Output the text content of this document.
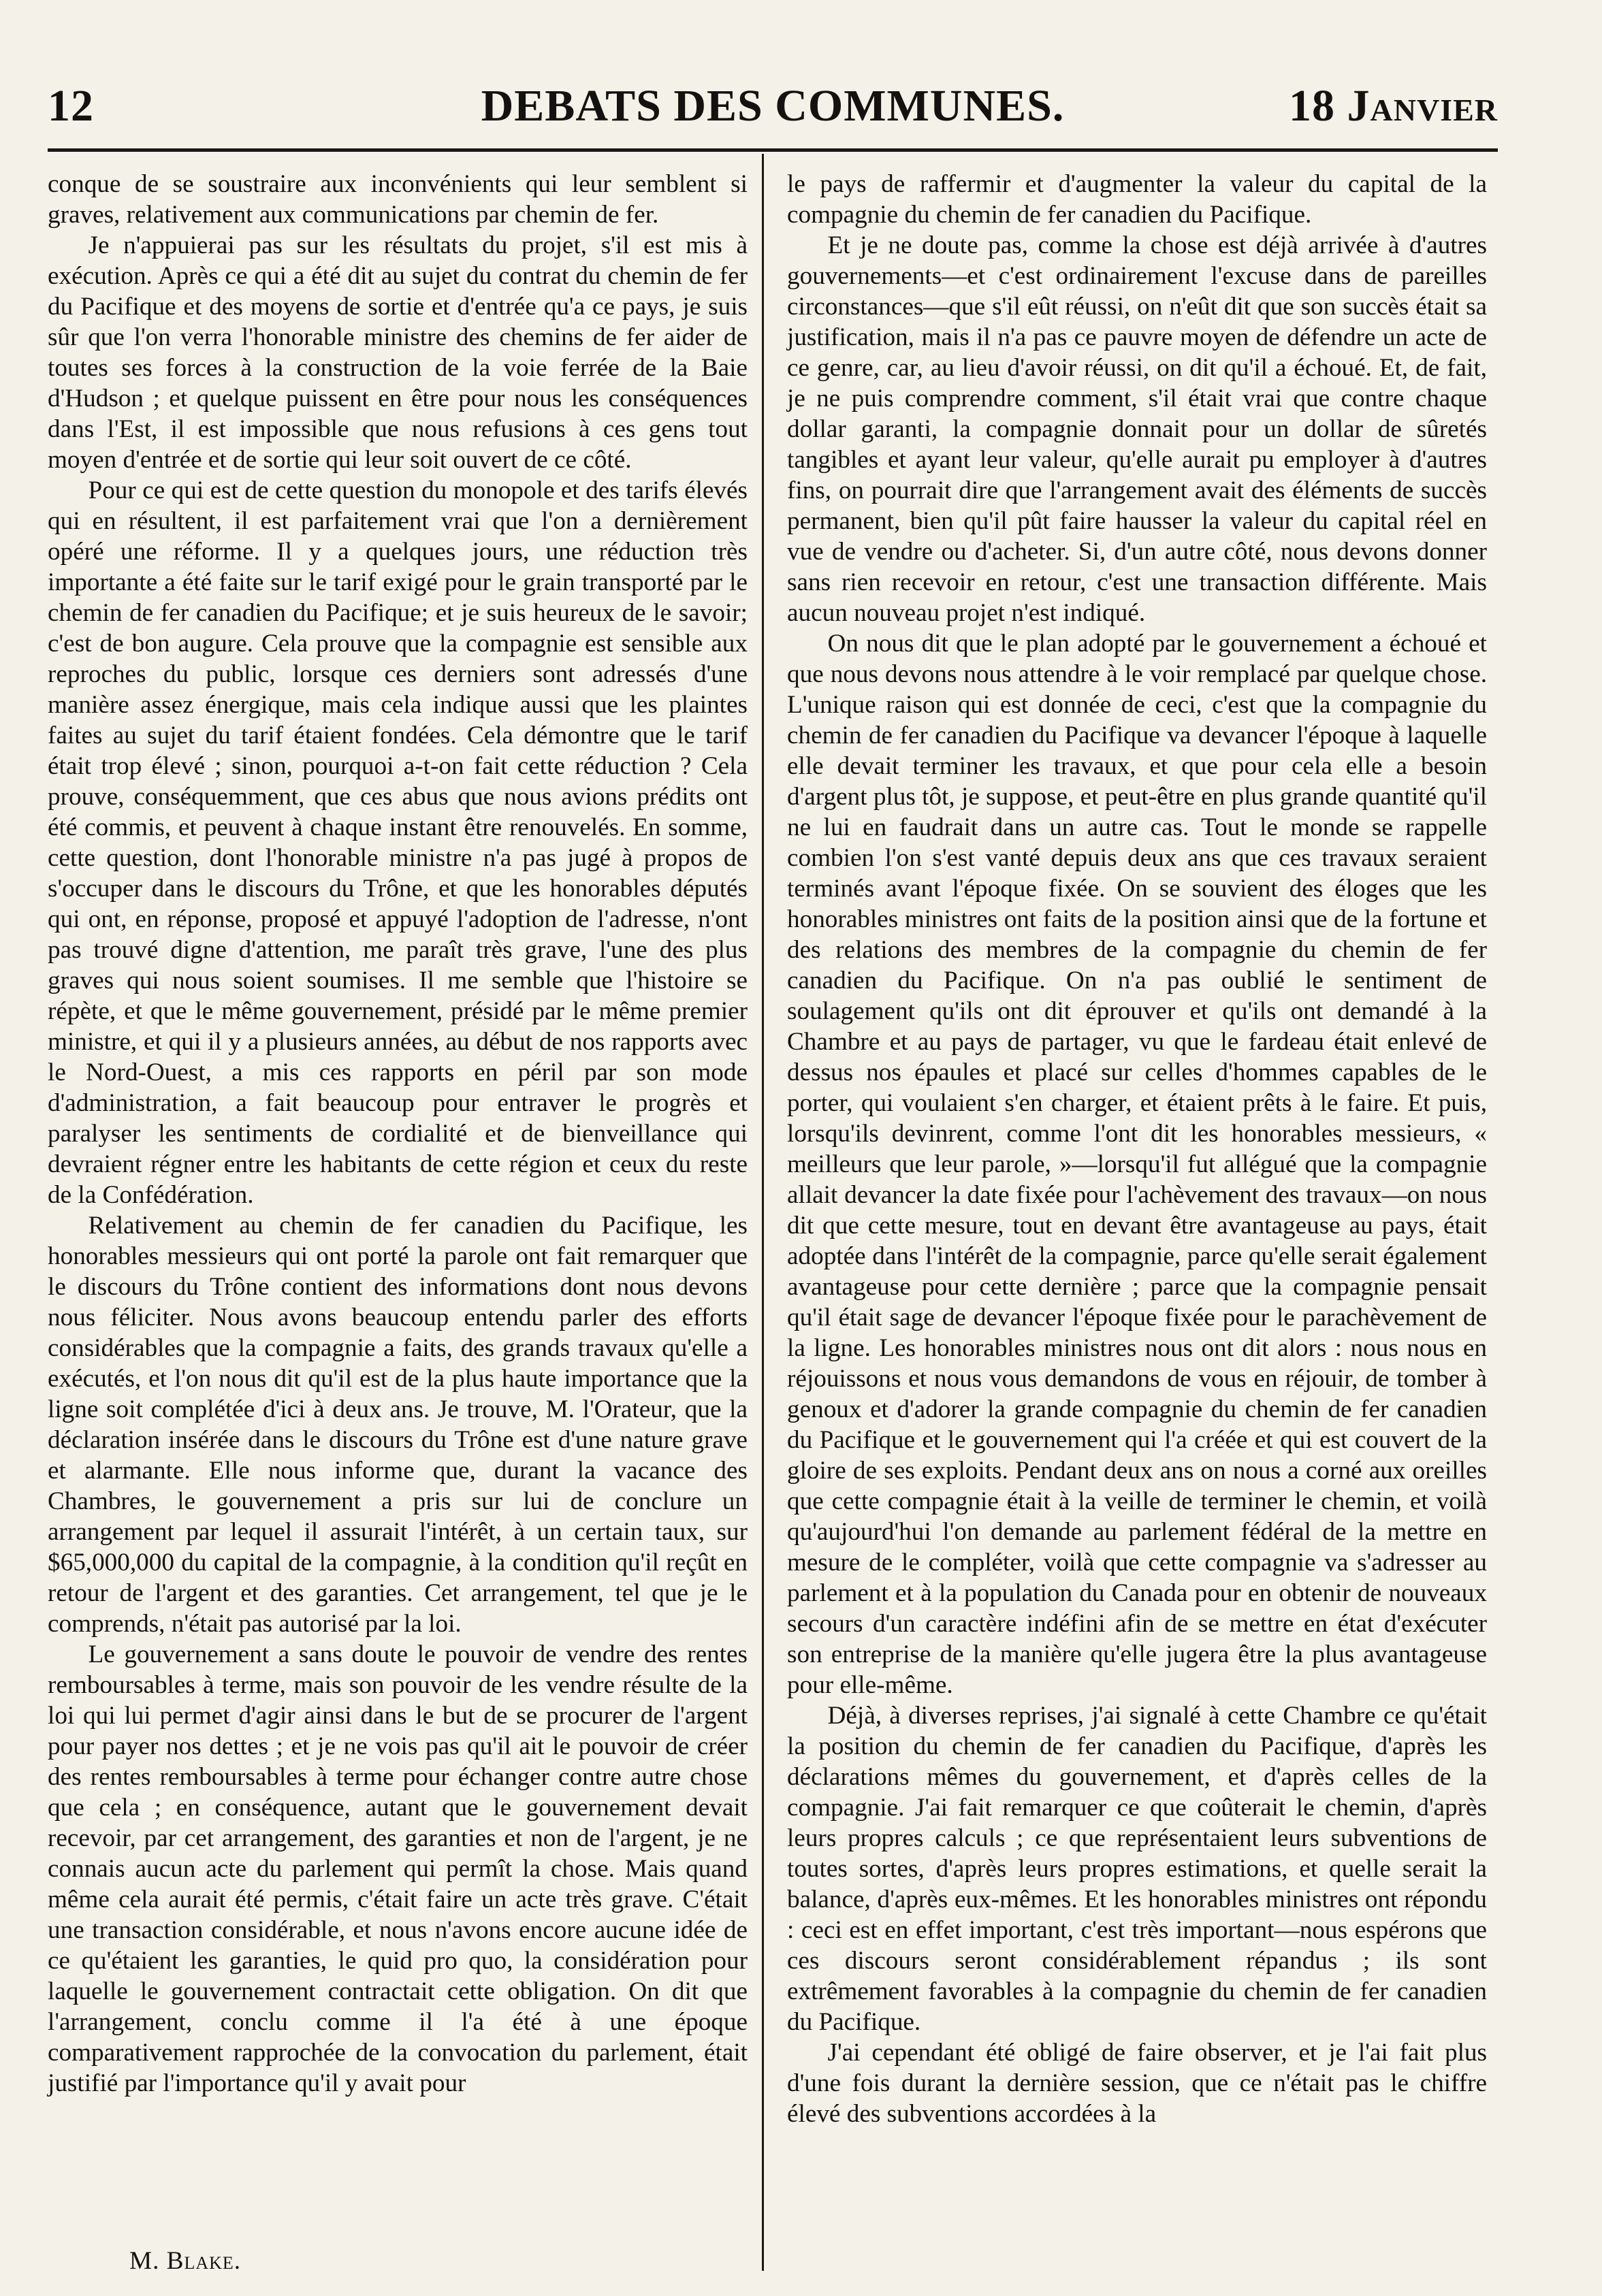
12	DEBATS DES COMMUNES.	18 Janvier

conque de se soustraire aux inconvénients qui leur semblent si graves, relativement aux communications par chemin de fer.

Je n'appuierai pas sur les résultats du projet, s'il est mis à exécution. Après ce qui a été dit au sujet du contrat du chemin de fer du Pacifique et des moyens de sortie et d'entrée qu'a ce pays, je suis sûr que l'on verra l'honorable ministre des chemins de fer aider de toutes ses forces à la construction de la voie ferrée de la Baie d'Hudson ; et quelque puissent en être pour nous les conséquences dans l'Est, il est impossible que nous refusions à ces gens tout moyen d'entrée et de sortie qui leur soit ouvert de ce côté.

Pour ce qui est de cette question du monopole et des tarifs élevés qui en résultent, il est parfaitement vrai que l'on a dernièrement opéré une réforme. Il y a quelques jours, une réduction très importante a été faite sur le tarif exigé pour le grain transporté par le chemin de fer canadien du Pacifique; et je suis heureux de le savoir; c'est de bon augure. Cela prouve que la compagnie est sensible aux reproches du public, lorsque ces derniers sont adressés d'une manière assez énergique, mais cela indique aussi que les plaintes faites au sujet du tarif étaient fondées. Cela démontre que le tarif était trop élevé ; sinon, pourquoi a-t-on fait cette réduction ? Cela prouve, conséquemment, que ces abus que nous avions prédits ont été commis, et peuvent à chaque instant être renouvelés. En somme, cette question, dont l'honorable ministre n'a pas jugé à propos de s'occuper dans le discours du Trône, et que les honorables députés qui ont, en réponse, proposé et appuyé l'adoption de l'adresse, n'ont pas trouvé digne d'attention, me paraît très grave, l'une des plus graves qui nous soient soumises. Il me semble que l'histoire se répète, et que le même gouvernement, présidé par le même premier ministre, et qui il y a plusieurs années, au début de nos rapports avec le Nord-Ouest, a mis ces rapports en péril par son mode d'administration, a fait beaucoup pour entraver le progrès et paralyser les sentiments de cordialité et de bienveillance qui devraient régner entre les habitants de cette région et ceux du reste de la Confédération.

Relativement au chemin de fer canadien du Pacifique, les honorables messieurs qui ont porté la parole ont fait remarquer que le discours du Trône contient des informations dont nous devons nous féliciter. Nous avons beaucoup entendu parler des efforts considérables que la compagnie a faits, des grands travaux qu'elle a exécutés, et l'on nous dit qu'il est de la plus haute importance que la ligne soit complétée d'ici à deux ans. Je trouve, M. l'Orateur, que la déclaration insérée dans le discours du Trône est d'une nature grave et alarmante. Elle nous informe que, durant la vacance des Chambres, le gouvernement a pris sur lui de conclure un arrangement par lequel il assurait l'intérêt, à un certain taux, sur $65,000,000 du capital de la compagnie, à la condition qu'il reçût en retour de l'argent et des garanties. Cet arrangement, tel que je le comprends, n'était pas autorisé par la loi.

Le gouvernement a sans doute le pouvoir de vendre des rentes remboursables à terme, mais son pouvoir de les vendre résulte de la loi qui lui permet d'agir ainsi dans le but de se procurer de l'argent pour payer nos dettes ; et je ne vois pas qu'il ait le pouvoir de créer des rentes remboursables à terme pour échanger contre autre chose que cela ; en conséquence, autant que le gouvernement devait recevoir, par cet arrangement, des garanties et non de l'argent, je ne connais aucun acte du parlement qui permît la chose. Mais quand même cela aurait été permis, c'était faire un acte très grave. C'était une transaction considérable, et nous n'avons encore aucune idée de ce qu'étaient les garanties, le quid pro quo, la considération pour laquelle le gouvernement contractait cette obligation. On dit que l'arrangement, conclu comme il l'a été à une époque comparativement rapprochée de la convocation du parlement, était justifié par l'importance qu'il y avait pour

le pays de raffermir et d'augmenter la valeur du capital de la compagnie du chemin de fer canadien du Pacifique.

Et je ne doute pas, comme la chose est déjà arrivée à d'autres gouvernements—et c'est ordinairement l'excuse dans de pareilles circonstances—que s'il eût réussi, on n'eût dit que son succès était sa justification, mais il n'a pas ce pauvre moyen de défendre un acte de ce genre, car, au lieu d'avoir réussi, on dit qu'il a échoué. Et, de fait, je ne puis comprendre comment, s'il était vrai que contre chaque dollar garanti, la compagnie donnait pour un dollar de sûretés tangibles et ayant leur valeur, qu'elle aurait pu employer à d'autres fins, on pourrait dire que l'arrangement avait des éléments de succès permanent, bien qu'il pût faire hausser la valeur du capital réel en vue de vendre ou d'acheter. Si, d'un autre côté, nous devons donner sans rien recevoir en retour, c'est une transaction différente. Mais aucun nouveau projet n'est indiqué.

On nous dit que le plan adopté par le gouvernement a échoué et que nous devons nous attendre à le voir remplacé par quelque chose. L'unique raison qui est donnée de ceci, c'est que la compagnie du chemin de fer canadien du Pacifique va devancer l'époque à laquelle elle devait terminer les travaux, et que pour cela elle a besoin d'argent plus tôt, je suppose, et peut-être en plus grande quantité qu'il ne lui en faudrait dans un autre cas. Tout le monde se rappelle combien l'on s'est vanté depuis deux ans que ces travaux seraient terminés avant l'époque fixée. On se souvient des éloges que les honorables ministres ont faits de la position ainsi que de la fortune et des relations des membres de la compagnie du chemin de fer canadien du Pacifique. On n'a pas oublié le sentiment de soulagement qu'ils ont dit éprouver et qu'ils ont demandé à la Chambre et au pays de partager, vu que le fardeau était enlevé de dessus nos épaules et placé sur celles d'hommes capables de le porter, qui voulaient s'en charger, et étaient prêts à le faire. Et puis, lorsqu'ils devinrent, comme l'ont dit les honorables messieurs, « meilleurs que leur parole, »—lorsqu'il fut allégué que la compagnie allait devancer la date fixée pour l'achèvement des travaux—on nous dit que cette mesure, tout en devant être avantageuse au pays, était adoptée dans l'intérêt de la compagnie, parce qu'elle serait également avantageuse pour cette dernière ; parce que la compagnie pensait qu'il était sage de devancer l'époque fixée pour le parachèvement de la ligne. Les honorables ministres nous ont dit alors : nous nous en réjouissons et nous vous demandons de vous en réjouir, de tomber à genoux et d'adorer la grande compagnie du chemin de fer canadien du Pacifique et le gouvernement qui l'a créée et qui est couvert de la gloire de ses exploits. Pendant deux ans on nous a corné aux oreilles que cette compagnie était à la veille de terminer le chemin, et voilà qu'aujourd'hui l'on demande au parlement fédéral de la mettre en mesure de le compléter, voilà que cette compagnie va s'adresser au parlement et à la population du Canada pour en obtenir de nouveaux secours d'un caractère indéfini afin de se mettre en état d'exécuter son entreprise de la manière qu'elle jugera être la plus avantageuse pour elle-même.

Déjà, à diverses reprises, j'ai signalé à cette Chambre ce qu'était la position du chemin de fer canadien du Pacifique, d'après les déclarations mêmes du gouvernement, et d'après celles de la compagnie. J'ai fait remarquer ce que coûterait le chemin, d'après leurs propres calculs ; ce que représentaient leurs subventions de toutes sortes, d'après leurs propres estimations, et quelle serait la balance, d'après eux-mêmes. Et les honorables ministres ont répondu : ceci est en effet important, c'est très important—nous espérons que ces discours seront considérablement répandus ; ils sont extrêmement favorables à la compagnie du chemin de fer canadien du Pacifique.

J'ai cependant été obligé de faire observer, et je l'ai fait plus d'une fois durant la dernière session, que ce n'était pas le chiffre élevé des subventions accordées à la

M. Blake.
